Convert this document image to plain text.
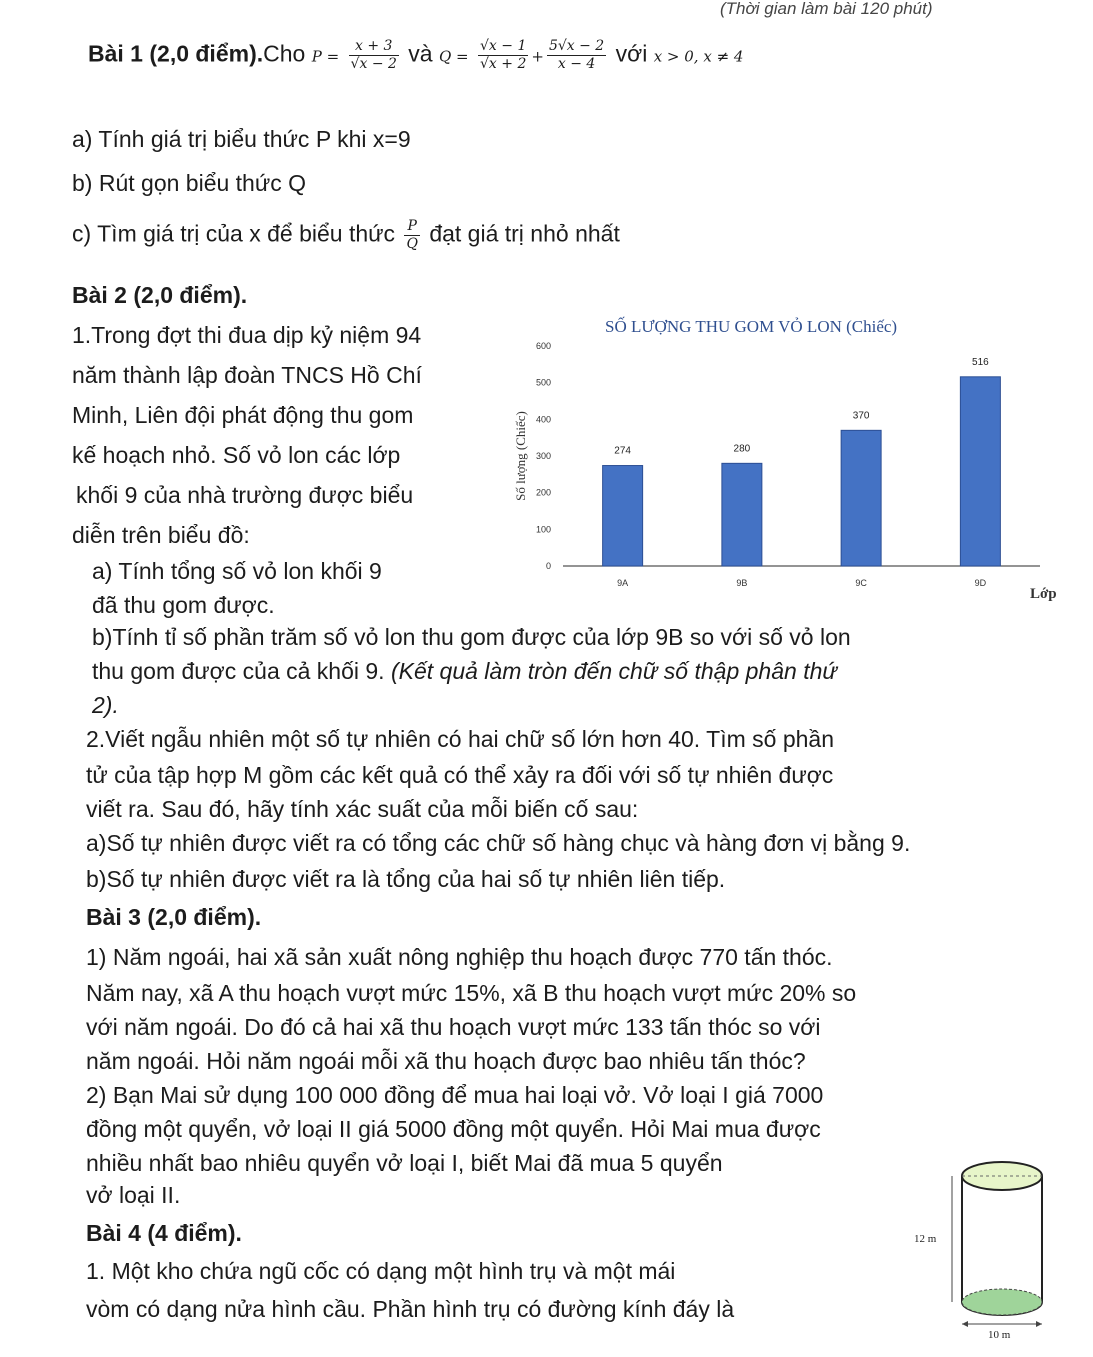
(Thời gian làm bài 120 phút)
Bài 1 (2,0 điểm).Cho $P = \frac{x + 3}{√x - 2}$ và $Q = \frac{√x - 1}{√x + 2} + \frac{5√x - 2}{x - 4}$ với x > 0, x ≠ 4
a) Tính giá trị biểu thức P khi x=9
b) Rút gọn biểu thức Q
c) Tìm giá trị của x để biểu thức $\frac{P}{Q}$ đạt giá trị nhỏ nhất
Bài 2 (2,0 điểm).
1.Trong đợt thi đua dịp kỷ niệm 94
năm thành lập đoàn TNCS Hồ Chí
Minh, Liên đội phát động thu gom
kế hoạch nhỏ. Số vỏ lon các lớp
khối 9 của nhà trường được biểu
diễn trên biểu đồ:
a) Tính tổng số vỏ lon khối 9
đã thu gom được.
SỐ LƯỢNG THU GOM VỎ LON (Chiếc)
Số lượng (Chiếc)
0
100
200
300
400
500
600
274
9A
280
9B
370
9C
516
9D
Lớp
b)Tính tỉ số phần trăm số vỏ lon thu gom được của lớp 9B so với số vỏ lon
thu gom được của cả khối 9. (Kết quả làm tròn đến chữ số thập phân thứ
2).
2.Viết ngẫu nhiên một số tự nhiên có hai chữ số lớn hơn 40. Tìm số phần
tử của tập hợp M gồm các kết quả có thể xảy ra đối với số tự nhiên được
viết ra. Sau đó, hãy tính xác suất của mỗi biến cố sau:
a)Số tự nhiên được viết ra có tổng các chữ số hàng chục và hàng đơn vị bằng 9.
b)Số tự nhiên được viết ra là tổng của hai số tự nhiên liên tiếp.
Bài 3 (2,0 điểm).
1) Năm ngoái, hai xã sản xuất nông nghiệp thu hoạch được 770 tấn thóc.
Năm nay, xã A thu hoạch vượt mức 15%, xã B thu hoạch vượt mức 20% so
với năm ngoái. Do đó cả hai xã thu hoạch vượt mức 133 tấn thóc so với
năm ngoái. Hỏi năm ngoái mỗi xã thu hoạch được bao nhiêu tấn thóc?
2) Bạn Mai sử dụng 100 000 đồng để mua hai loại vở. Vở loại I giá 7000
đồng một quyển, vở loại II giá 5000 đồng một quyển. Hỏi Mai mua được
nhiều nhất bao nhiêu quyển vở loại I, biết Mai đã mua 5 quyển
vở loại II.
Bài 4 (4 điểm).
1. Một kho chứa ngũ cốc có dạng một hình trụ và một mái
vòm có dạng nửa hình cầu. Phần hình trụ có đường kính đáy là
12 m
10 m
